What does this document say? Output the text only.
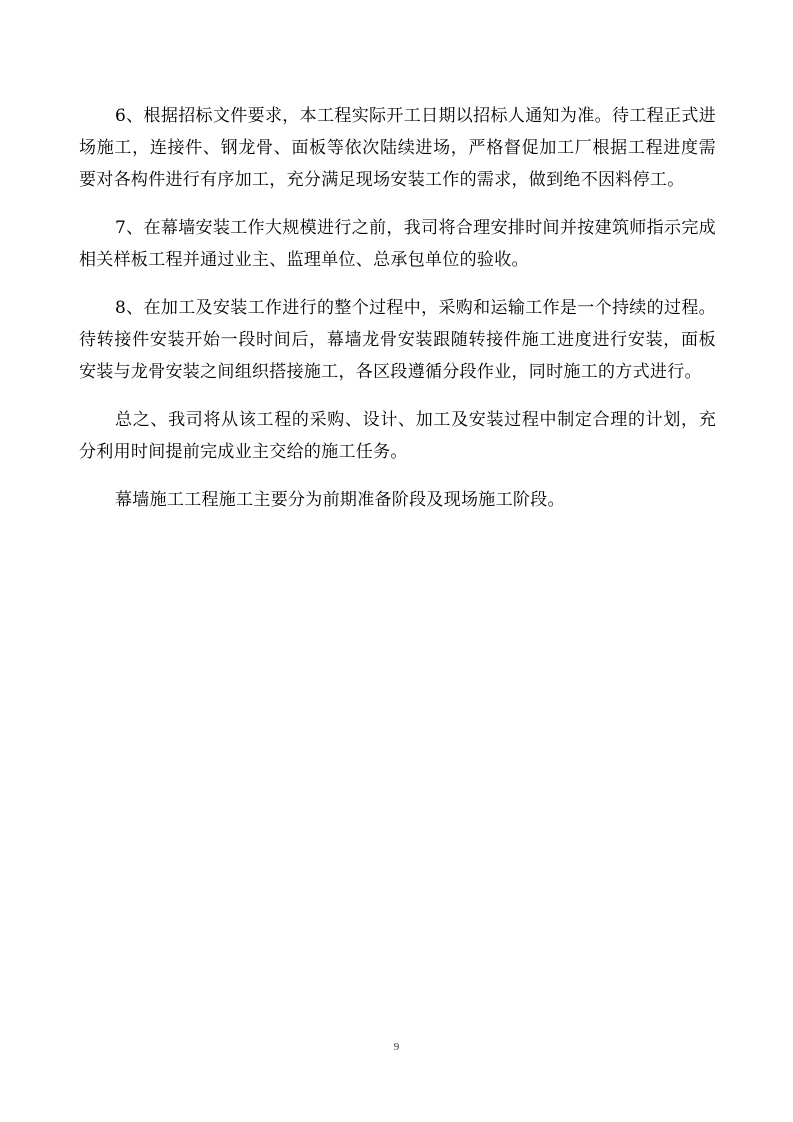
6、根据招标文件要求，本工程实际开工日期以招标人通知为准。待工程正式进场施工，连接件、钢龙骨、面板等依次陆续进场，严格督促加工厂根据工程进度需要对各构件进行有序加工，充分满足现场安装工作的需求，做到绝不因料停工。

7、在幕墙安装工作大规模进行之前，我司将合理安排时间并按建筑师指示完成相关样板工程并通过业主、监理单位、总承包单位的验收。

8、在加工及安装工作进行的整个过程中，采购和运输工作是一个持续的过程。待转接件安装开始一段时间后，幕墙龙骨安装跟随转接件施工进度进行安装，面板安装与龙骨安装之间组织搭接施工，各区段遵循分段作业，同时施工的方式进行。

总之、我司将从该工程的采购、设计、加工及安装过程中制定合理的计划，充分利用时间提前完成业主交给的施工任务。

幕墙施工工程施工主要分为前期准备阶段及现场施工阶段。

9
